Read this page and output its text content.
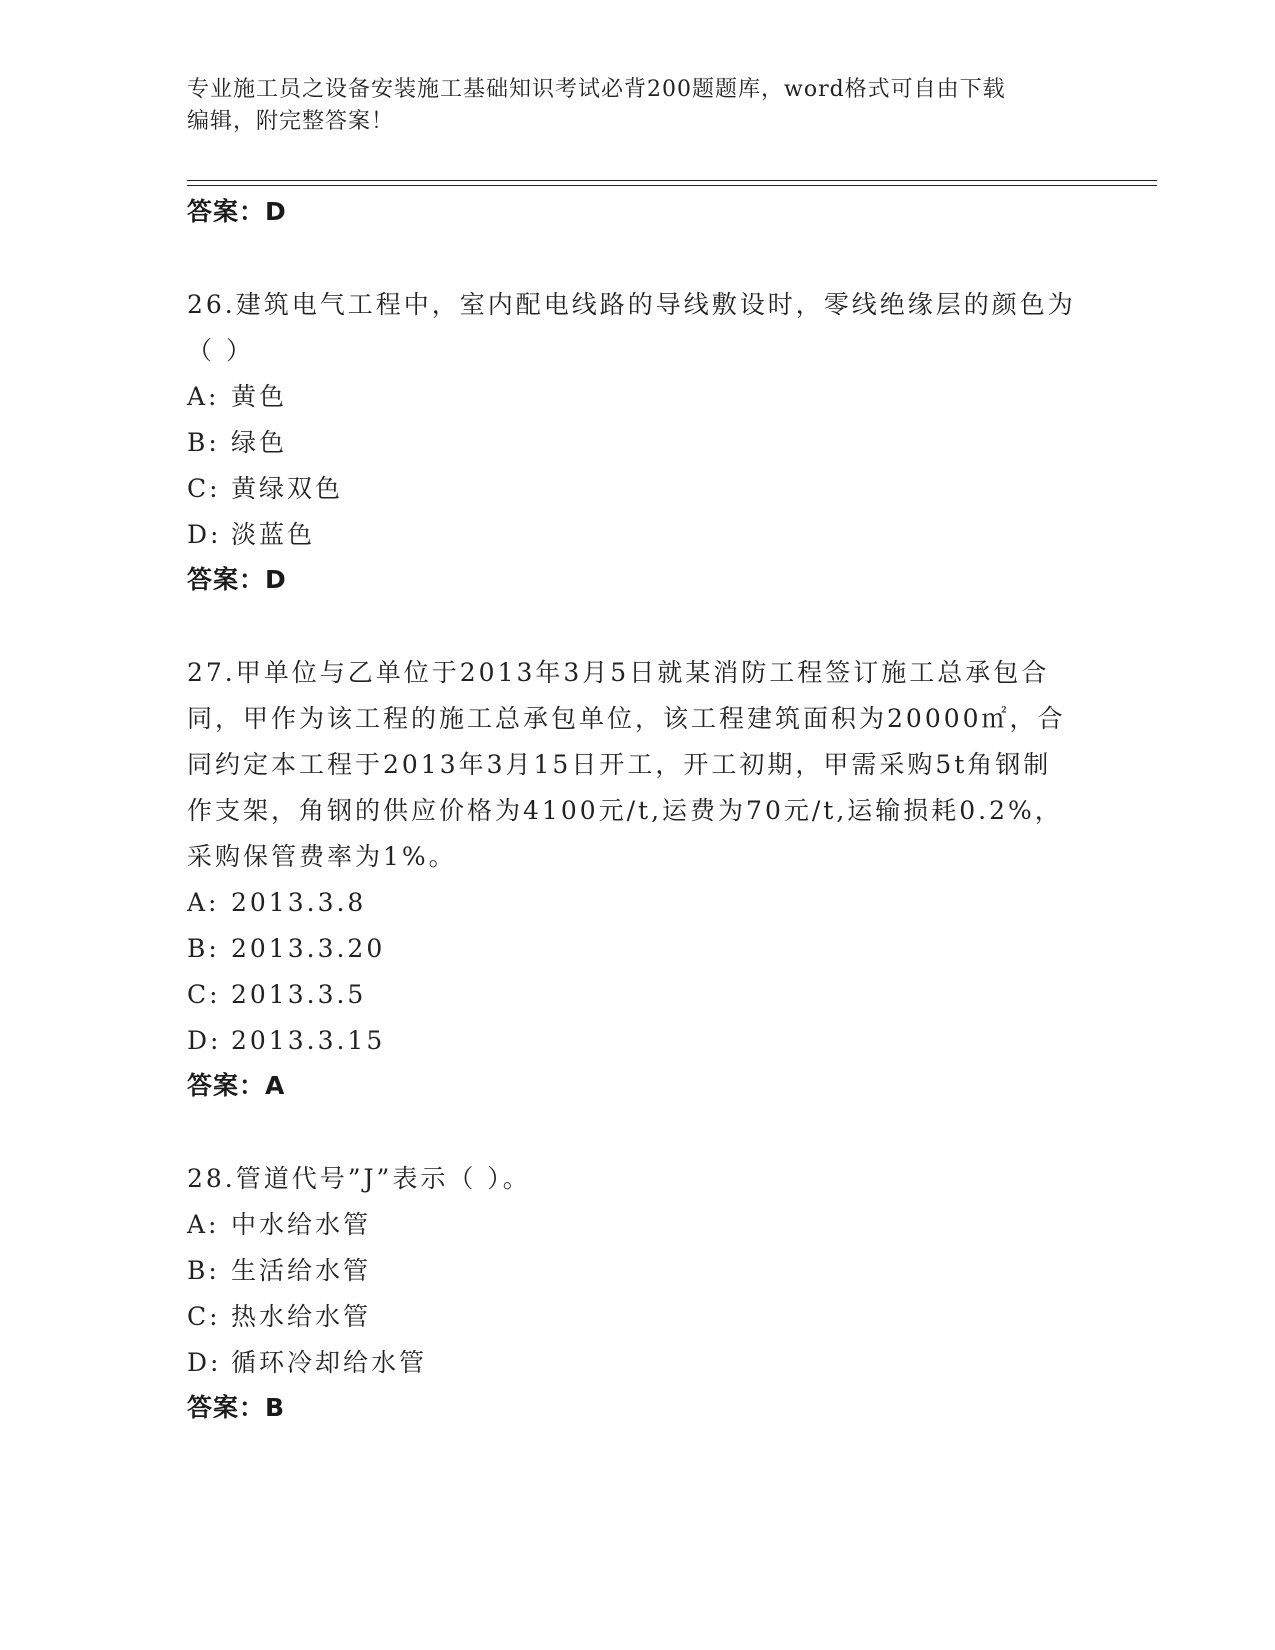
专业施工员之设备安装施工基础知识考试必背200题题库，word格式可自由下载
编辑，附完整答案！
答案：D
26.建筑电气工程中，室内配电线路的导线敷设时，零线绝缘层的颜色为（ ）
A: 黄色
B: 绿色
C: 黄绿双色
D: 淡蓝色
答案：D
27.甲单位与乙单位于2013年3月5日就某消防工程签订施工总承包合同，甲作为该工程的施工总承包单位，该工程建筑面积为20000㎡，合同约定本工程于2013年3月15日开工，开工初期，甲需采购5t角钢制作支架，角钢的供应价格为4100元/t,运费为70元/t,运输损耗0.2%，采购保管费率为1%。
A: 2013.3.8
B: 2013.3.20
C: 2013.3.5
D: 2013.3.15
答案：A
28.管道代号”J”表示（ ）。
A: 中水给水管
B: 生活给水管
C: 热水给水管
D: 循环冷却给水管
答案：B
